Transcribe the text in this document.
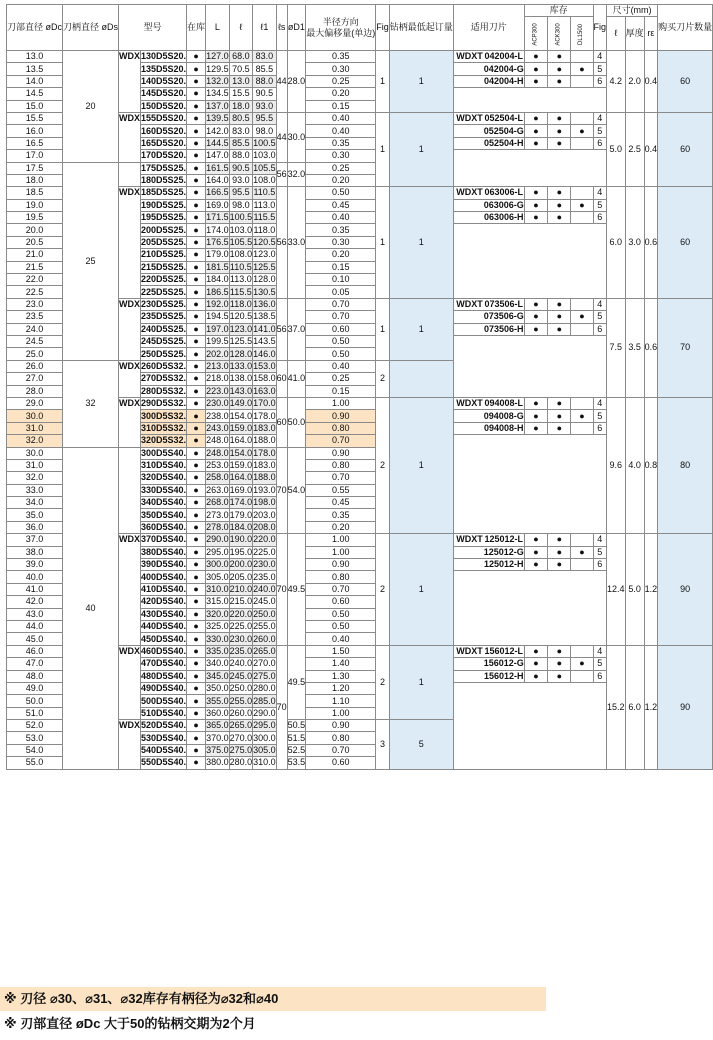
刀部直径 øDc	刀柄直径 øDs	型号		在库	L	ℓ	ℓ1	ℓs	øD1	半径方向
最大偏移量(单边)	Fig	钻柄最低起订量	适用刀片	库存			Fig	尺寸(mm)			购买刀片数量
														ACP300	ACK300	DL1500		ℓ	厚度	rε	
13.0	20	WDX	130D5S20.	●	127.0	68.0	83.0	44	28.0	0.35	1	1	WDXT 042004-L	●	●		4	4.2	2.0	0.4	60
13.5			135D5S20.	●	129.5	70.5	85.5			0.30			042004-G	●	●	●	5				
14.0			140D5S20.	●	132.0	13.0	88.0			0.25			042004-H	●	●		6				
14.5			145D5S20.	●	134.5	15.5	90.5			0.20											
15.0			150D5S20.	●	137.0	18.0	93.0			0.15											
15.5		WDX	155D5S20.	●	139.5	80.5	95.5	44	30.0	0.40	1	1	WDXT 052504-L	●	●		4	5.0	2.5	0.4	60
16.0			160D5S20.	●	142.0	83.0	98.0			0.40			052504-G	●	●	●	5				
16.5			165D5S20.	●	144.5	85.5	100.5			0.35			052504-H	●	●		6				
17.0			170D5S20.	●	147.0	88.0	103.0			0.30											
17.5	25		175D5S25.	●	161.5	90.5	105.5	56	32.0	0.25											
18.0			180D5S25.	●	164.0	93.0	108.0			0.20											
18.5		WDX	185D5S25.	●	166.5	95.5	110.5	56	33.0	0.50	1	1	WDXT 063006-L	●	●		4	6.0	3.0	0.6	60
19.0			190D5S25.	●	169.0	98.0	113.0			0.45			063006-G	●	●	●	5				
19.5			195D5S25.	●	171.5	100.5	115.5			0.40			063006-H	●	●		6				
20.0			200D5S25.	●	174.0	103.0	118.0			0.35											
20.5			205D5S25.	●	176.5	105.5	120.5			0.30											
21.0			210D5S25.	●	179.0	108.0	123.0			0.20											
21.5			215D5S25.	●	181.5	110.5	125.5			0.15											
22.0			220D5S25.	●	184.0	113.0	128.0			0.10											
22.5			225D5S25.	●	186.5	115.5	130.5			0.05											
23.0		WDX	230D5S25.	●	192.0	118.0	136.0	56	37.0	0.70	1	1	WDXT 073506-L	●	●		4	7.5	3.5	0.6	70
23.5			235D5S25.	●	194.5	120.5	138.5			0.70			073506-G	●	●	●	5				
24.0			240D5S25.	●	197.0	123.0	141.0			0.60			073506-H	●	●		6				
24.5			245D5S25.	●	199.5	125.5	143.5			0.50											
25.0			250D5S25.	●	202.0	128.0	146.0			0.50											
26.0	32	WDX	260D5S32.	●	213.0	133.0	153.0	60	41.0	0.40	2										
27.0			270D5S32.	●	218.0	138.0	158.0			0.25											
28.0			280D5S32.	●	223.0	143.0	163.0			0.15											
29.0		WDX	290D5S32.	●	230.0	149.0	170.0	60	50.0	1.00	2	1	WDXT 094008-L	●	●		4	9.6	4.0	0.8	80
30.0			300D5S32.	●	238.0	154.0	178.0			0.90			094008-G	●	●	●	5				
31.0			310D5S32.	●	243.0	159.0	183.0			0.80			094008-H	●	●		6				
32.0			320D5S32.	●	248.0	164.0	188.0			0.70											
30.0	40		300D5S40.	●	248.0	154.0	178.0	70	54.0	0.90											
31.0			310D5S40.	●	253.0	159.0	183.0			0.80											
32.0			320D5S40.	●	258.0	164.0	188.0			0.70											
33.0			330D5S40.	●	263.0	169.0	193.0			0.55											
34.0			340D5S40.	●	268.0	174.0	198.0			0.45											
35.0			350D5S40.	●	273.0	179.0	203.0			0.35											
36.0			360D5S40.	●	278.0	184.0	208.0			0.20											
37.0		WDX	370D5S40.	●	290.0	190.0	220.0	70	49.5	1.00	2	1	WDXT 125012-L	●	●		4	12.4	5.0	1.2	90
38.0			380D5S40.	●	295.0	195.0	225.0			1.00			125012-G	●	●	●	5				
39.0			390D5S40.	●	300.0	200.0	230.0			0.90			125012-H	●	●		6				
40.0			400D5S40.	●	305.0	205.0	235.0			0.80											
41.0			410D5S40.	●	310.0	210.0	240.0			0.70											
42.0			420D5S40.	●	315.0	215.0	245.0			0.60											
43.0			430D5S40.	●	320.0	220.0	250.0			0.50											
44.0			440D5S40.	●	325.0	225.0	255.0			0.50											
45.0			450D5S40.	●	330.0	230.0	260.0			0.40											
46.0		WDX	460D5S40.	●	335.0	235.0	265.0	70	49.5	1.50	2	1	WDXT 156012-L	●	●		4	15.2	6.0	1.2	90
47.0			470D5S40.	●	340.0	240.0	270.0			1.40			156012-G	●	●	●	5				
48.0			480D5S40.	●	345.0	245.0	275.0			1.30			156012-H	●	●		6				
49.0			490D5S40.	●	350.0	250.0	280.0			1.20											
50.0			500D5S40.	●	355.0	255.0	285.0			1.10											
51.0			510D5S40.	●	360.0	260.0	290.0			1.00											
52.0		WDX	520D5S40.	●	365.0	265.0	295.0		50.5	0.90	3	5									
53.0			530D5S40.	●	370.0	270.0	300.0		51.5	0.80											
54.0			540D5S40.	●	375.0	275.0	305.0		52.5	0.70											
55.0			550D5S40.	●	380.0	280.0	310.0		53.5	0.60											
※ 刃径 ⌀30、⌀31、⌀32库存有柄径为⌀32和⌀40
※ 刃部直径 øDc 大于50的钻柄交期为2个月
